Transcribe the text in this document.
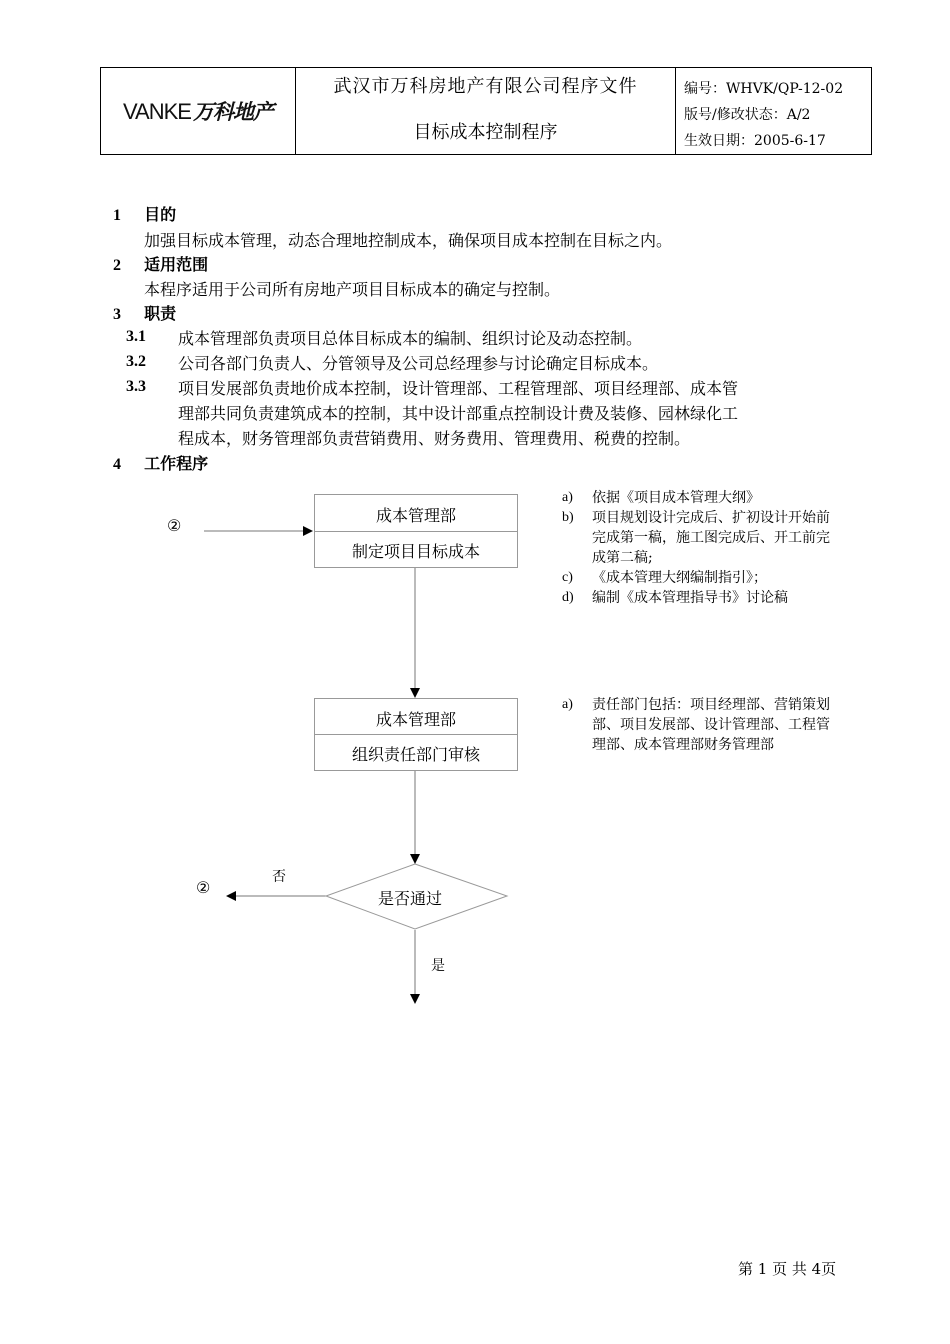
VANKE 万科地产
武汉市万科房地产有限公司程序文件
目标成本控制程序
编号：WHVK/QP-12-02
版号/修改状态：A/2
生效日期：2005-6-17
1 目的
加强目标成本管理，动态合理地控制成本，确保项目成本控制在目标之内。
2 适用范围
本程序适用于公司所有房地产项目目标成本的确定与控制。
3 职责
3.1 成本管理部负责项目总体目标成本的编制、组织讨论及动态控制。
3.2 公司各部门负责人、分管领导及公司总经理参与讨论确定目标成本。
3.3 项目发展部负责地价成本控制，设计管理部、工程管理部、项目经理部、成本管
理部共同负责建筑成本的控制，其中设计部重点控制设计费及装修、园林绿化工
程成本，财务管理部负责营销费用、财务费用、管理费用、税费的控制。
4 工作程序
成本管理部
制定项目目标成本
成本管理部
组织责任部门审核
是否通过
否
是
②
②
a)	依据《项目成本管理大纲》
b)	项目规划设计完成后、扩初设计开始前完成第一稿，施工图完成后、开工前完成第二稿;
c)	《成本管理大纲编制指引》；
d)	编制《成本管理指导书》讨论稿
a)	责任部门包括：项目经理部、营销策划部、项目发展部、设计管理部、工程管理部、成本管理部财务管理部
第 1 页 共 4页
